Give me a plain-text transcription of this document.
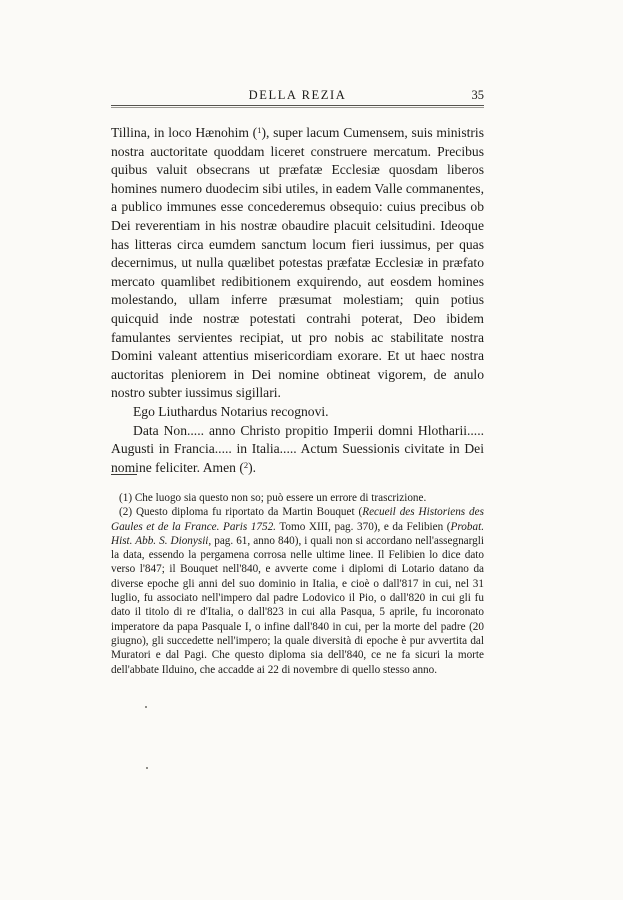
DELLA REZIA	35

Tillina, in loco Hænohim ($^1$), super lacum Cumensem, suis ministris nostra auctoritate quoddam liceret construere mercatum. Precibus quibus valuit obsecrans ut præfatæ Ecclesiæ quosdam liberos homines numero duodecim sibi utiles, in eadem Valle commanentes, a publico immunes esse concederemus obsequio: cuius precibus ob Dei reverentiam in his nostræ obaudire placuit celsitudini. Ideoque has litteras circa eumdem sanctum locum fieri iussimus, per quas decernimus, ut nulla quælibet potestas præfatæ Ecclesiæ in præfato mercato quamlibet redibitionem exquirendo, aut eosdem homines molestando, ullam inferre præsumat molestiam; quin potius quicquid inde nostræ potestati contrahi poterat, Deo ibidem famulantes servientes recipiat, ut pro nobis ac stabilitate nostra Domini valeant attentius misericordiam exorare. Et ut haec nostra auctoritas pleniorem in Dei nomine obtineat vigorem, de anulo nostro subter iussimus sigillari.

Ego Liuthardus Notarius recognovi.

Data Non..... anno Christo propitio Imperii domni Hlotharii..... Augusti in Francia..... in Italia..... Actum Suessionis civitate in Dei nomine feliciter. Amen ($^2$).

(1) Che luogo sia questo non so; può essere un errore di trascrizione.

(2) Questo diploma fu riportato da Martin Bouquet (Recueil des Historiens des Gaules et de la France. Paris 1752. Tomo XIII, pag. 370), e da Felibien (Probat. Hist. Abb. S. Dionysii, pag. 61, anno 840), i quali non si accordano nell'assegnargli la data, essendo la pergamena corrosa nelle ultime linee. Il Felibien lo dice dato verso l'847; il Bouquet nell'840, e avverte come i diplomi di Lotario datano da diverse epoche gli anni del suo dominio in Italia, e cioè o dall'817 in cui, nel 31 luglio, fu associato nell'impero dal padre Lodovico il Pio, o dall'820 in cui gli fu dato il titolo di re d'Italia, o dall'823 in cui alla Pasqua, 5 aprile, fu incoronato imperatore da papa Pasquale I, o infine dall'840 in cui, per la morte del padre (20 giugno), gli succedette nell'impero; la quale diversità di epoche è pur avvertita dal Muratori e dal Pagi. Che questo diploma sia dell'840, ce ne fa sicuri la morte dell'abbate Ilduino, che accadde ai 22 di novembre di quello stesso anno.
